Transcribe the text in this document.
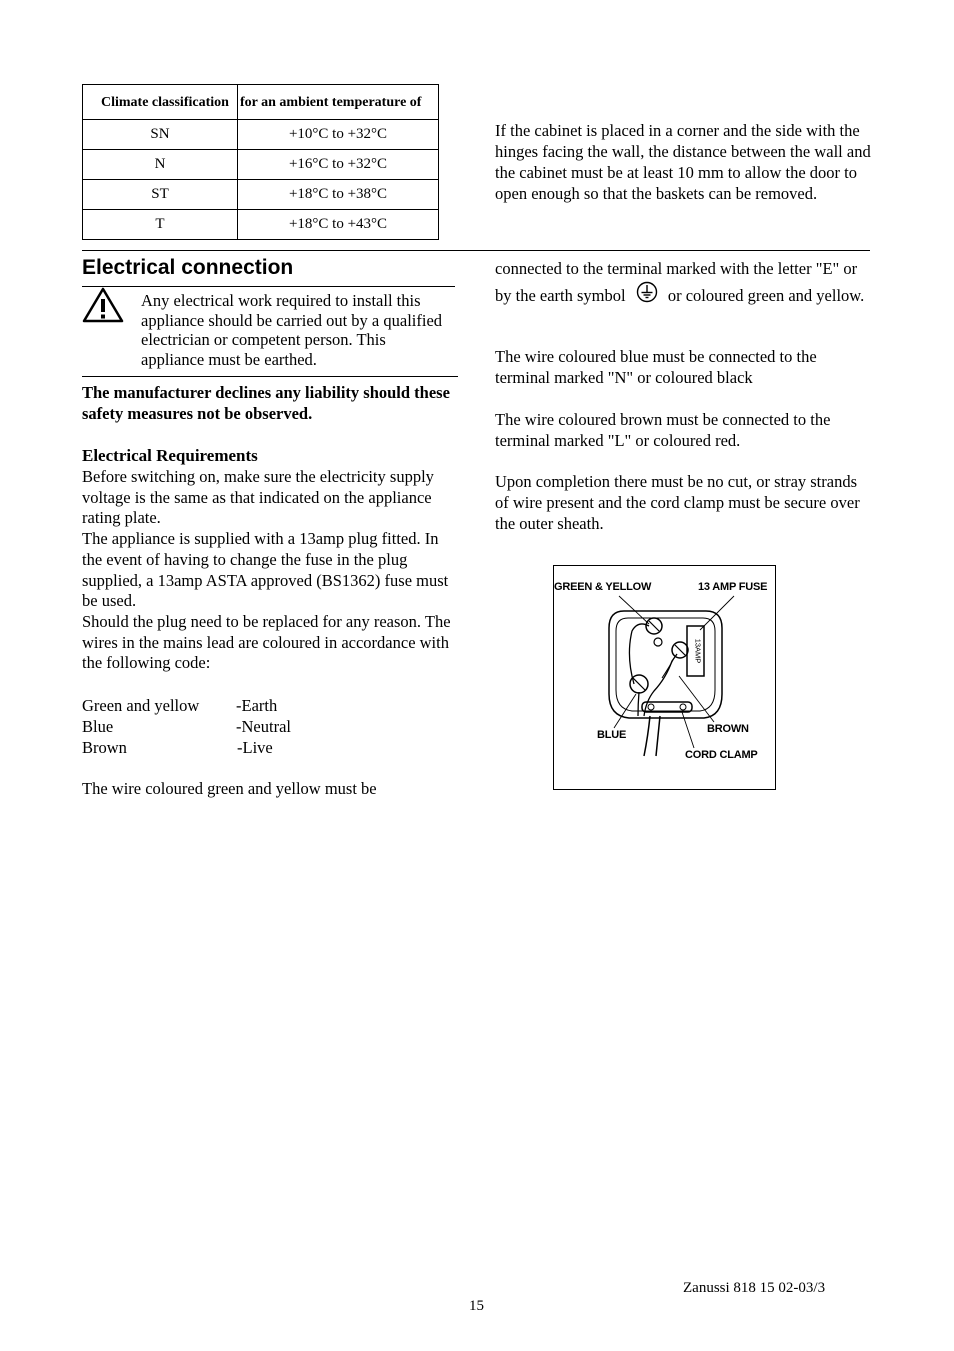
Climate classification	for an ambient temperature of
SN	+10°C to +32°C
N	+16°C to +32°C
ST	+18°C to +38°C
T	+18°C to +43°C

If the cabinet is placed in a corner and the side with the hinges facing the wall, the distance between the wall and the cabinet must be at least 10 mm to allow the door to open enough so that the baskets can be removed.

Electrical connection

Any electrical work required to install this appliance should be carried out by a qualified electrician or competent person. This appliance must be earthed.

The manufacturer declines any liability should these safety measures not be observed.

Electrical Requirements

Before switching on, make sure the electricity supply voltage is the same as that indicated on the appliance rating plate.

The appliance is supplied with a 13amp plug fitted. In the event of having to change the fuse in the plug supplied, a 13amp ASTA approved (BS1362) fuse must be used.

Should the plug need to be replaced for any reason. The wires in the mains lead are coloured in accordance with the following code:

Green and yellow -Earth
Blue	-Neutral
Brown	-Live

The wire coloured green and yellow must be

connected to the terminal marked with the letter "E" or by the earth symbol	or coloured green and yellow.

The wire coloured blue must be connected to the terminal marked "N" or coloured black

The wire coloured brown must be connected to the terminal marked "L" or coloured red.

Upon completion there must be no cut, or stray strands of wire present and the cord clamp must be secure over the outer sheath.

GREEN & YELLOW	13 AMP FUSE
BLUE	BROWN
CORD CLAMP
13AMP
Zanussi 818 15 02-03/3
15
